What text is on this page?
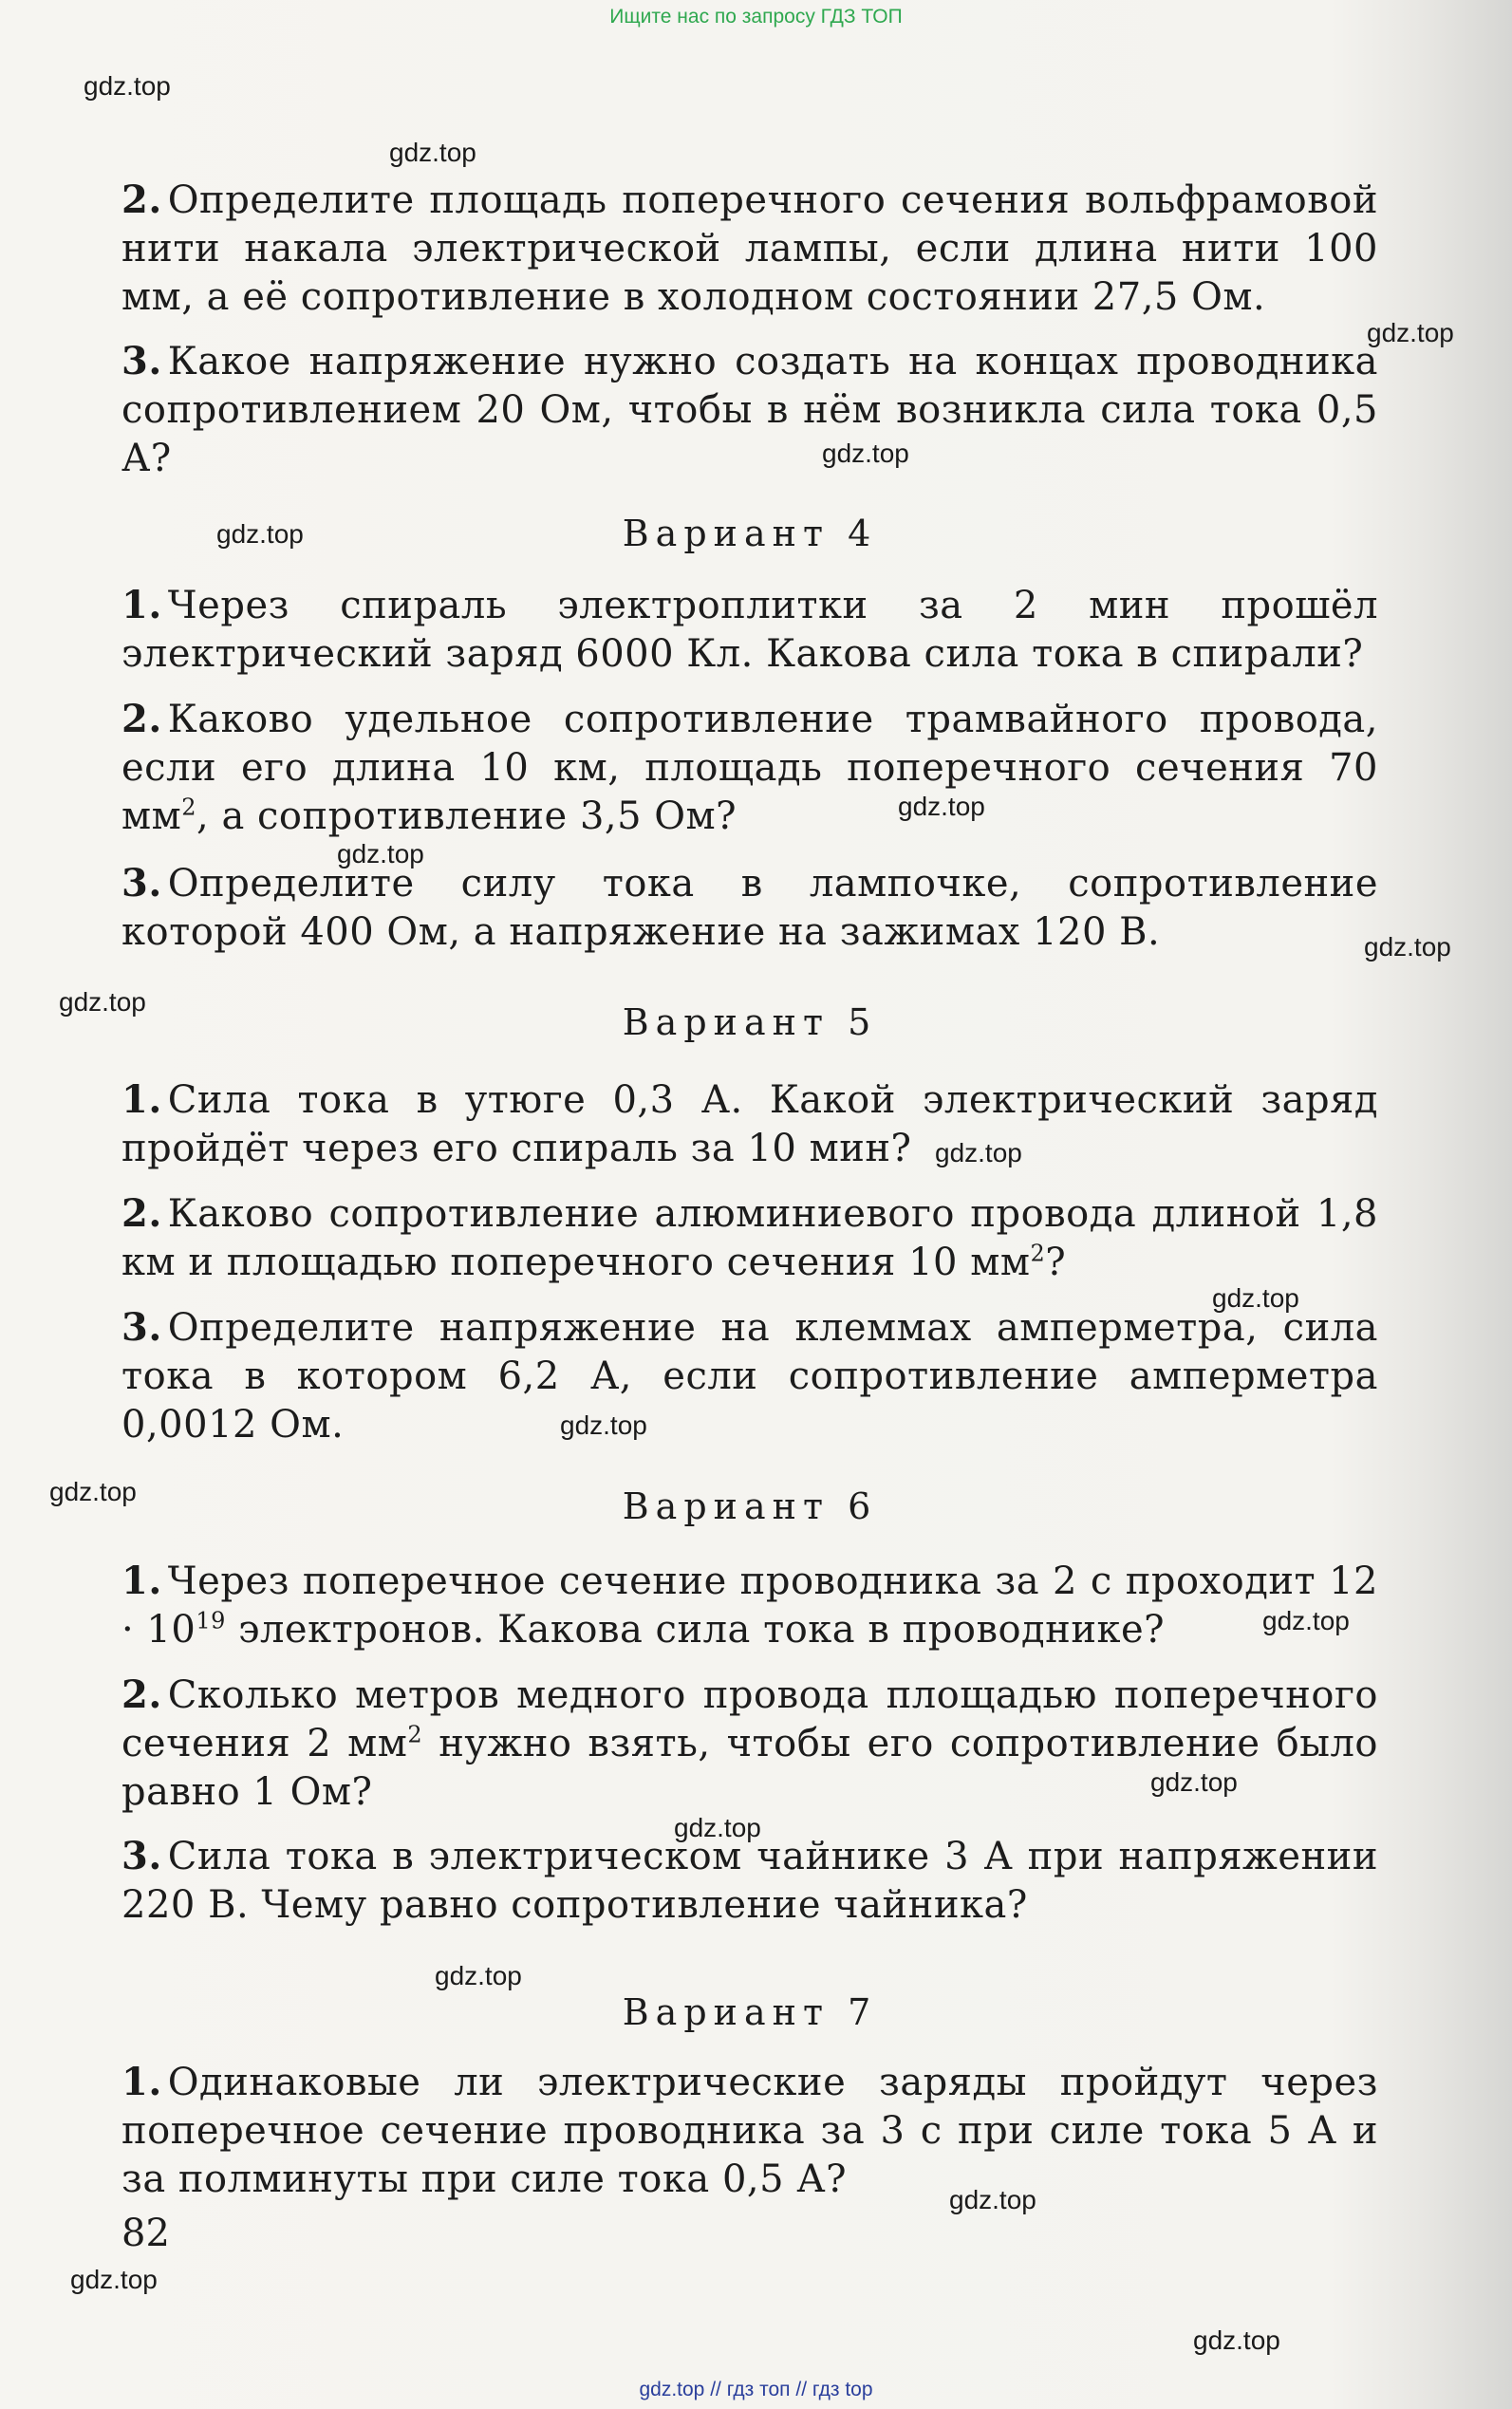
Ищите нас по запросу ГДЗ ТОП
gdz.top
gdz.top
gdz.top
gdz.top
gdz.top
gdz.top
gdz.top
gdz.top
gdz.top
gdz.top
gdz.top
gdz.top
gdz.top
gdz.top
gdz.top
gdz.top
gdz.top
gdz.top
gdz.top
gdz.top

2. Определите площадь поперечного сечения вольфрамовой нити накала электрической лампы, если длина нити 100 мм, а её сопротивление в холодном состоянии 27,5 Ом.

3. Какое напряжение нужно создать на концах проводника сопротивлением 20 Ом, чтобы в нём возникла сила тока 0,5 А?

Вариант 4

1. Через спираль электроплитки за 2 мин прошёл электрический заряд 6000 Кл. Какова сила тока в спирали?

2. Каково удельное сопротивление трамвайного провода, если его длина 10 км, площадь поперечного сечения 70 $мм^2$, а сопротивление 3,5 Ом?

3. Определите силу тока в лампочке, сопротивление которой 400 Ом, а напряжение на зажимах 120 В.

Вариант 5

1. Сила тока в утюге 0,3 А. Какой электрический заряд пройдёт через его спираль за 10 мин?

2. Каково сопротивление алюминиевого провода длиной 1,8 км и площадью поперечного сечения 10 $мм^2$?

3. Определите напряжение на клеммах амперметра, сила тока в котором 6,2 А, если сопротивление амперметра 0,0012 Ом.

Вариант 6

1. Через поперечное сечение проводника за 2 с проходит $12 \cdot 10^{19}$ электронов. Какова сила тока в проводнике?

2. Сколько метров медного провода площадью поперечного сечения 2 $мм^2$ нужно взять, чтобы его сопротивление было равно 1 Ом?

3. Сила тока в электрическом чайнике 3 А при напряжении 220 В. Чему равно сопротивление чайника?

Вариант 7

1. Одинаковые ли электрические заряды пройдут через поперечное сечение проводника за 3 с при силе тока 5 А и за полминуты при силе тока 0,5 А?

82
gdz.top // гдз топ // гдз top
